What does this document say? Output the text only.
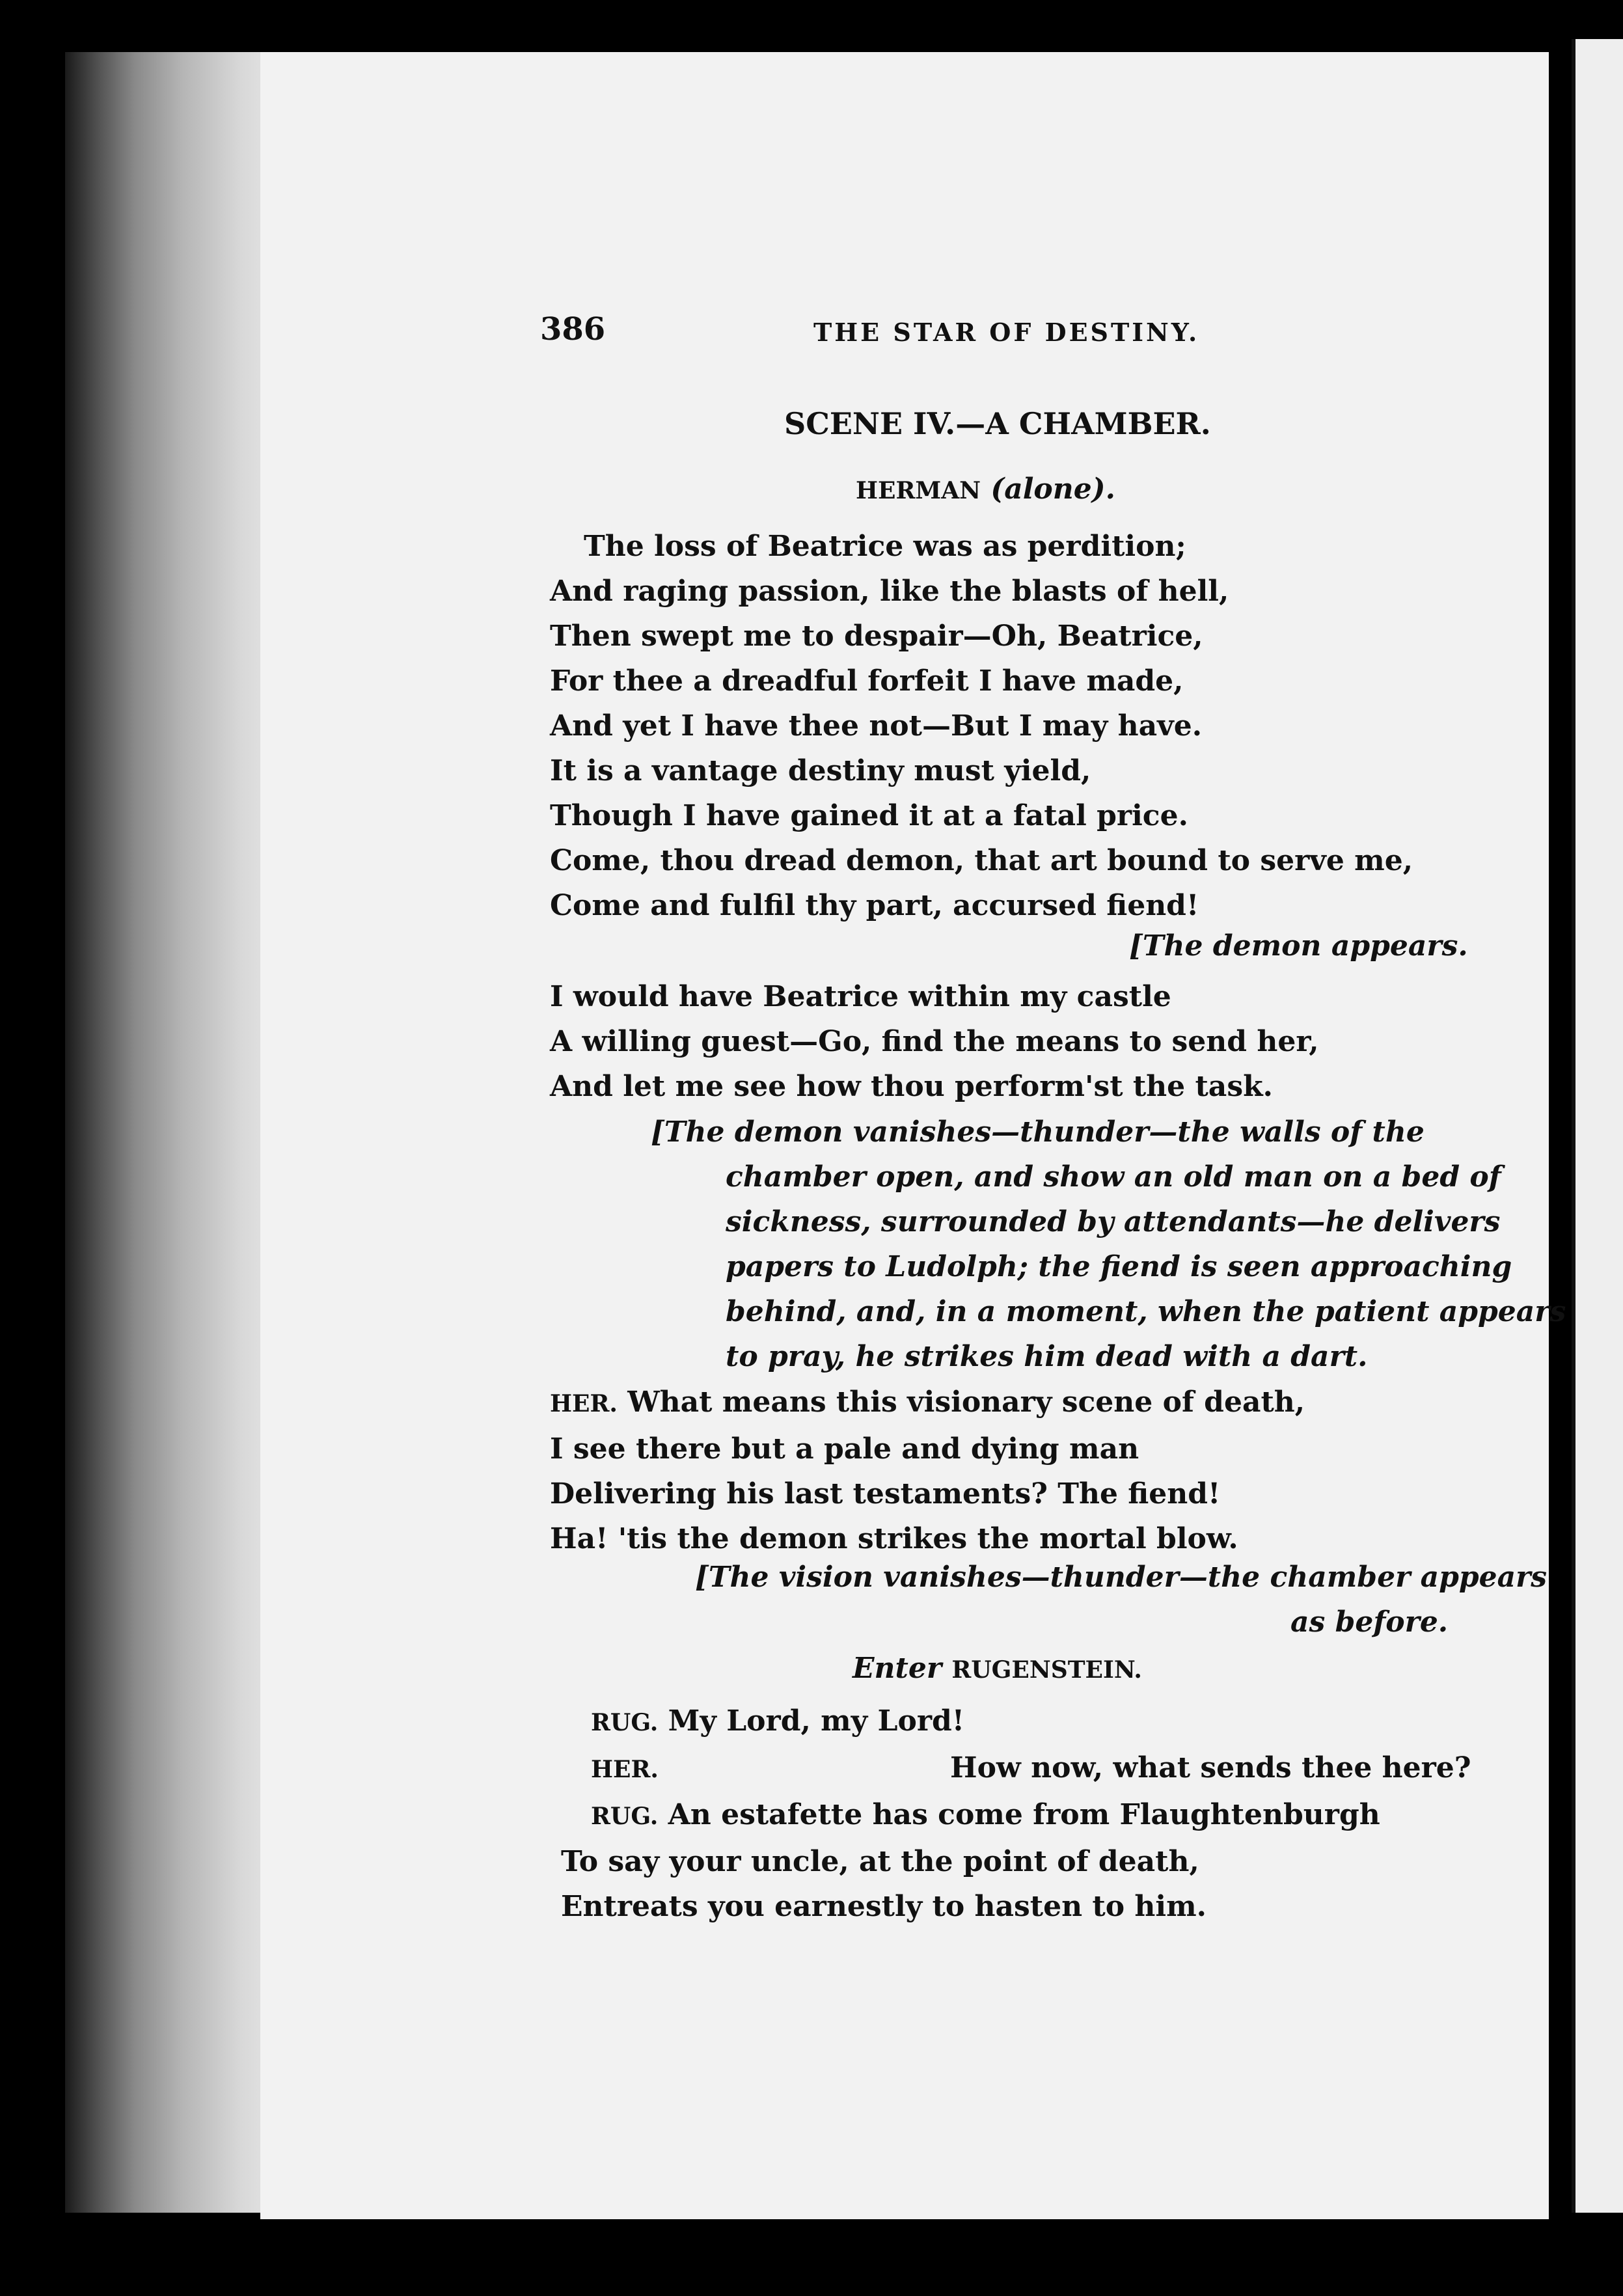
386	THE STAR OF DESTINY.
SCENE IV.—A CHAMBER.
HERMAN (alone).
The loss of Beatrice was as perdition;
And raging passion, like the blasts of hell,
Then swept me to despair—Oh, Beatrice,
For thee a dreadful forfeit I have made,
And yet I have thee not—But I may have.
It is a vantage destiny must yield,
Though I have gained it at a fatal price.
Come, thou dread demon, that art bound to serve me,
Come and fulfil thy part, accursed fiend!
[The demon appears.
I would have Beatrice within my castle
A willing guest—Go, find the means to send her,
And let me see how thou perform'st the task.
[The demon vanishes—thunder—the walls of the
chamber open, and show an old man on a bed of
sickness, surrounded by attendants—he delivers
papers to Ludolph; the fiend is seen approaching
behind, and, in a moment, when the patient appears
to pray, he strikes him dead with a dart.
HER. What means this visionary scene of death,
I see there but a pale and dying man
Delivering his last testaments? The fiend!
Ha! 'tis the demon strikes the mortal blow.
[The vision vanishes—thunder—the chamber appears
as before.
Enter RUGENSTEIN.
RUG. My Lord, my Lord!
HER.	How now, what sends thee here?
RUG. An estafette has come from Flaughtenburgh
To say your uncle, at the point of death,
Entreats you earnestly to hasten to him.
